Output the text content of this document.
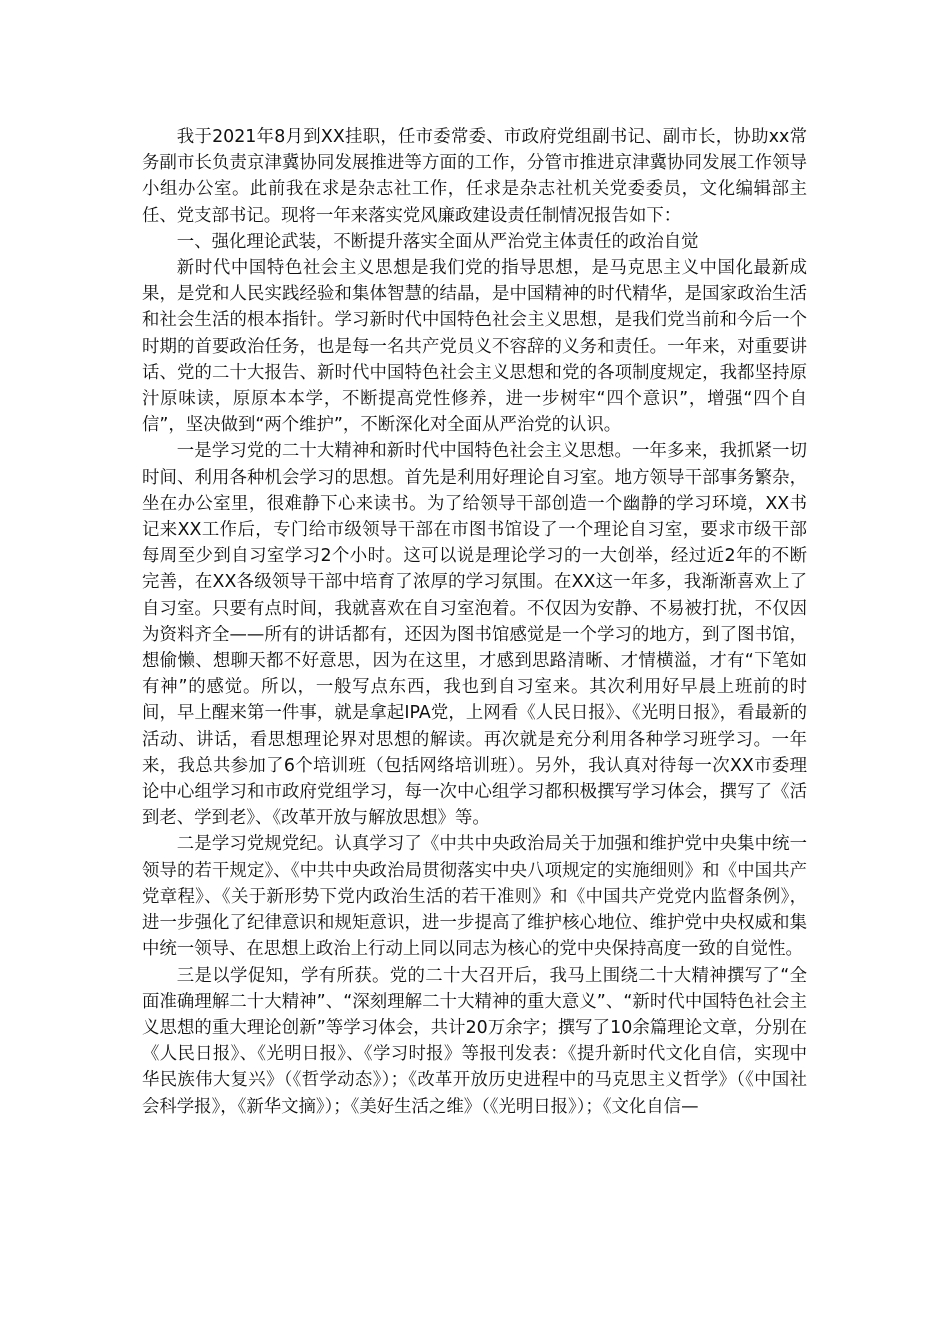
我于2021年8月到XX挂职，任市委常委、市政府党组副书记、副市长，协助xx常务副市长负责京津冀协同发展推进等方面的工作，分管市推进京津冀协同发展工作领导小组办公室。此前我在求是杂志社工作，任求是杂志社机关党委委员，文化编辑部主任、党支部书记。现将一年来落实党风廉政建设责任制情况报告如下：

一、强化理论武装，不断提升落实全面从严治党主体责任的政治自觉

新时代中国特色社会主义思想是我们党的指导思想，是马克思主义中国化最新成果，是党和人民实践经验和集体智慧的结晶，是中国精神的时代精华，是国家政治生活和社会生活的根本指针。学习新时代中国特色社会主义思想，是我们党当前和今后一个时期的首要政治任务，也是每一名共产党员义不容辞的义务和责任。一年来，对重要讲话、党的二十大报告、新时代中国特色社会主义思想和党的各项制度规定，我都坚持原汁原味读，原原本本学，不断提高党性修养，进一步树牢“四个意识”，增强“四个自信”，坚决做到“两个维护”，不断深化对全面从严治党的认识。

一是学习党的二十大精神和新时代中国特色社会主义思想。一年多来，我抓紧一切时间、利用各种机会学习的思想。首先是利用好理论自习室。地方领导干部事务繁杂，坐在办公室里，很难静下心来读书。为了给领导干部创造一个幽静的学习环境，XX书记来XX工作后，专门给市级领导干部在市图书馆设了一个理论自习室，要求市级干部每周至少到自习室学习2个小时。这可以说是理论学习的一大创举，经过近2年的不断完善，在XX各级领导干部中培育了浓厚的学习氛围。在XX这一年多，我渐渐喜欢上了自习室。只要有点时间，我就喜欢在自习室泡着。不仅因为安静、不易被打扰，不仅因为资料齐全——所有的讲话都有，还因为图书馆感觉是一个学习的地方，到了图书馆，想偷懒、想聊天都不好意思，因为在这里，才感到思路清晰、才情横溢，才有“下笔如有神”的感觉。所以，一般写点东西，我也到自习室来。其次利用好早晨上班前的时间，早上醒来第一件事，就是拿起IPA党，上网看《人民日报》、《光明日报》，看最新的活动、讲话，看思想理论界对思想的解读。再次就是充分利用各种学习班学习。一年来，我总共参加了6个培训班（包括网络培训班）。另外，我认真对待每一次XX市委理论中心组学习和市政府党组学习，每一次中心组学习都积极撰写学习体会，撰写了《活到老、学到老》、《改革开放与解放思想》等。

二是学习党规党纪。认真学习了《中共中央政治局关于加强和维护党中央集中统一领导的若干规定》、《中共中央政治局贯彻落实中央八项规定的实施细则》和《中国共产党章程》、《关于新形势下党内政治生活的若干准则》和《中国共产党党内监督条例》，进一步强化了纪律意识和规矩意识，进一步提高了维护核心地位、维护党中央权威和集中统一领导、在思想上政治上行动上同以同志为核心的党中央保持高度一致的自觉性。

三是以学促知，学有所获。党的二十大召开后，我马上围绕二十大精神撰写了“全面准确理解二十大精神”、“深刻理解二十大精神的重大意义”、“新时代中国特色社会主义思想的重大理论创新”等学习体会，共计20万余字；撰写了10余篇理论文章，分别在《人民日报》、《光明日报》、《学习时报》等报刊发表：《提升新时代文化自信，实现中华民族伟大复兴》（《哲学动态》）；《改革开放历史进程中的马克思主义哲学》（《中国社会科学报》，《新华文摘》）；《美好生活之维》（《光明日报》）；《文化自信—
